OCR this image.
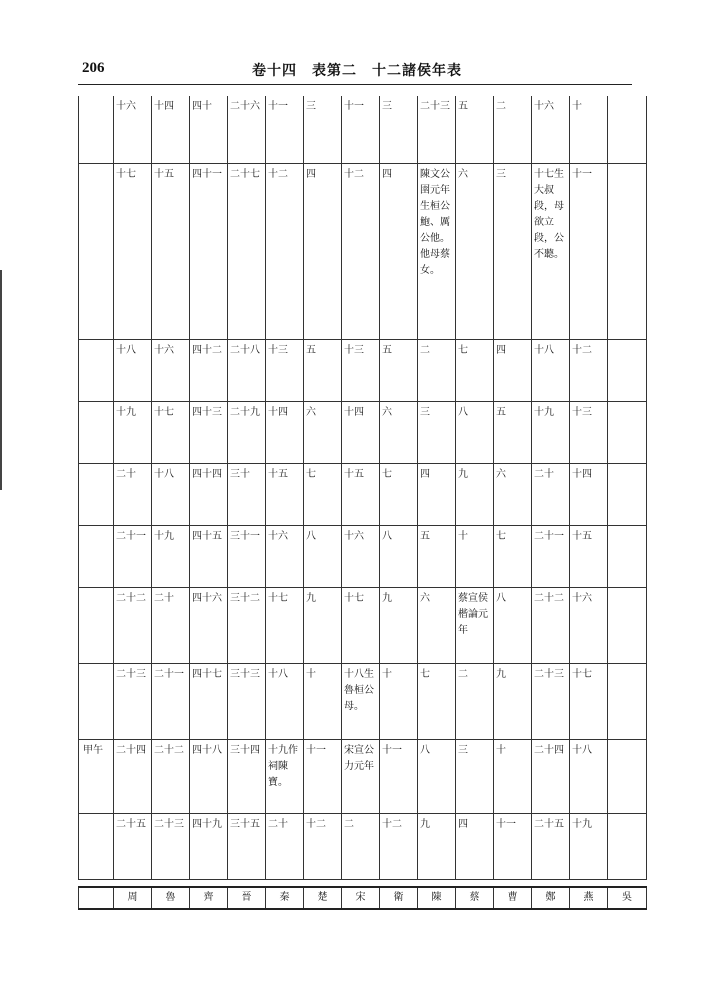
206	卷十四　表第二　十二諸侯年表
	十六	十四	四十	二十六	十一	三	十一	三	二十三	五	二	十六	十	
	十七	十五	四十一	二十七	十二	四	十二	四	陳文公圉元年生桓公鮑、厲公他。他母蔡女。	六	三	十七生大叔段，母欲立段，公不聽。	十一	
	十八	十六	四十二	二十八	十三	五	十三	五	二	七	四	十八	十二	
	十九	十七	四十三	二十九	十四	六	十四	六	三	八	五	十九	十三	
	二十	十八	四十四	三十	十五	七	十五	七	四	九	六	二十	十四	
	二十一	十九	四十五	三十一	十六	八	十六	八	五	十	七	二十一	十五	
	二十二	二十	四十六	三十二	十七	九	十七	九	六	蔡宣侯楷論元年	八	二十二	十六	
	二十三	二十一	四十七	三十三	十八	十	十八生魯桓公母。	十	七	二	九	二十三	十七	
甲午	二十四	二十二	四十八	三十四	十九作祠陳寶。	十一	宋宣公力元年	十一	八	三	十	二十四	十八	
	二十五	二十三	四十九	三十五	二十	十二	二	十二	九	四	十一	二十五	十九	
	周	魯	齊	晉	秦	楚	宋	衛	陳	蔡	曹	鄭	燕	吳
